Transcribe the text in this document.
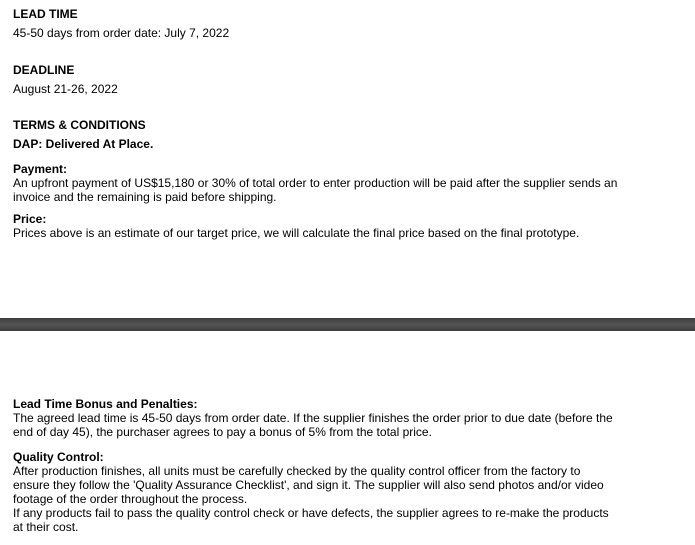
LEAD TIME

45-50 days from order date: July 7, 2022

DEADLINE

August 21-26, 2022

TERMS & CONDITIONS

DAP: Delivered At Place.

Payment:

An upfront payment of US$15,180 or 30% of total order to enter production will be paid after the supplier sends an

invoice and the remaining is paid before shipping.

Price:

Prices above is an estimate of our target price, we will calculate the final price based on the final prototype.

Lead Time Bonus and Penalties:

The agreed lead time is 45-50 days from order date. If the supplier finishes the order prior to due date (before the

end of day 45), the purchaser agrees to pay a bonus of 5% from the total price.

Quality Control:

After production finishes, all units must be carefully checked by the quality control officer from the factory to

ensure they follow the 'Quality Assurance Checklist', and sign it. The supplier will also send photos and/or video

footage of the order throughout the process.

If any products fail to pass the quality control check or have defects, the supplier agrees to re-make the products

at their cost.
